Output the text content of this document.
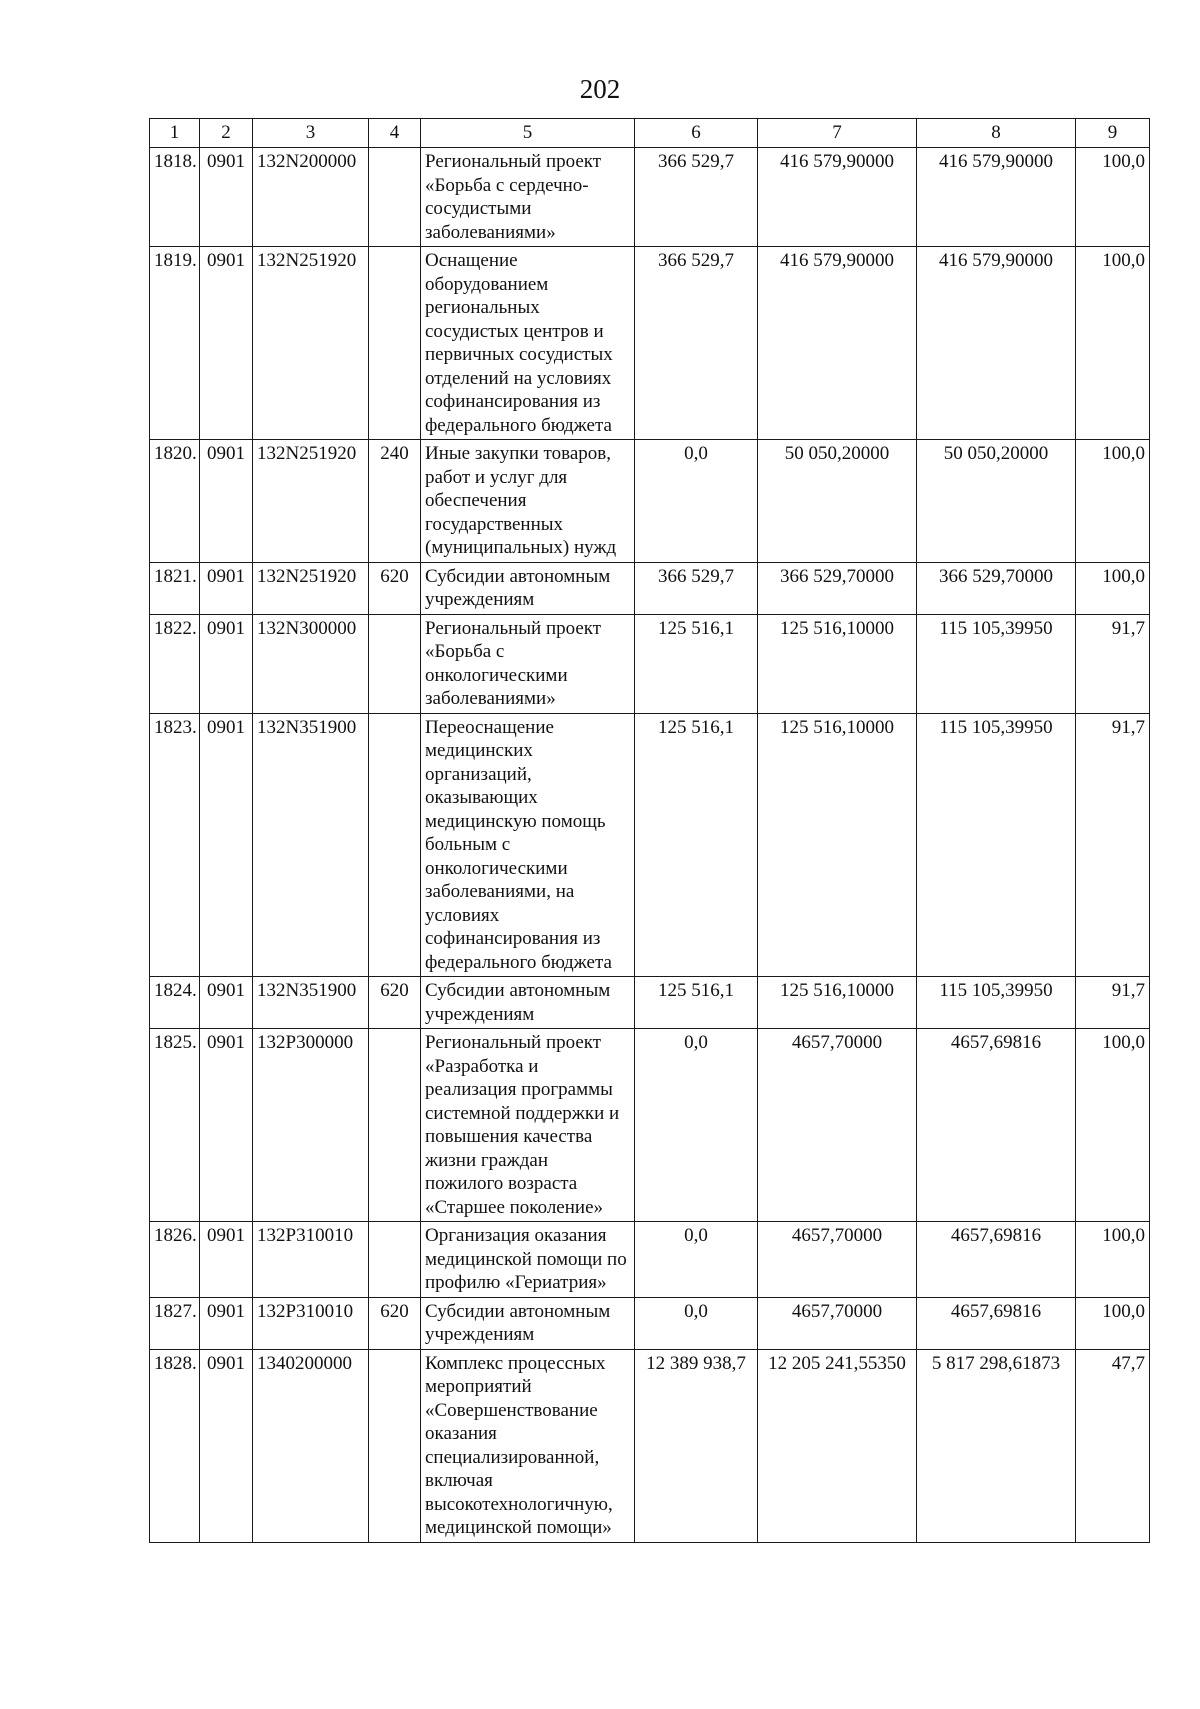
202
1	2	3	4	5	6	7	8	9
1818.	0901	132N200000		Региональный проект «Борьба с сердечно-сосудистыми заболеваниями»	366 529,7	416 579,90000	416 579,90000	100,0
1819.	0901	132N251920		Оснащение оборудованием региональных сосудистых центров и первичных сосудистых отделений на условиях софинансирования из федерального бюджета	366 529,7	416 579,90000	416 579,90000	100,0
1820.	0901	132N251920	240	Иные закупки товаров, работ и услуг для обеспечения государственных (муниципальных) нужд	0,0	50 050,20000	50 050,20000	100,0
1821.	0901	132N251920	620	Субсидии автономным учреждениям	366 529,7	366 529,70000	366 529,70000	100,0
1822.	0901	132N300000		Региональный проект «Борьба с онкологическими заболеваниями»	125 516,1	125 516,10000	115 105,39950	91,7
1823.	0901	132N351900		Переоснащение медицинских организаций, оказывающих медицинскую помощь больным с онкологическими заболеваниями, на условиях софинансирования из федерального бюджета	125 516,1	125 516,10000	115 105,39950	91,7
1824.	0901	132N351900	620	Субсидии автономным учреждениям	125 516,1	125 516,10000	115 105,39950	91,7
1825.	0901	132P300000		Региональный проект «Разработка и реализация программы системной поддержки и повышения качества жизни граждан пожилого возраста «Старшее поколение»	0,0	4657,70000	4657,69816	100,0
1826.	0901	132P310010		Организация оказания медицинской помощи по профилю «Гериатрия»	0,0	4657,70000	4657,69816	100,0
1827.	0901	132P310010	620	Субсидии автономным учреждениям	0,0	4657,70000	4657,69816	100,0
1828.	0901	1340200000		Комплекс процессных мероприятий «Совершенствование оказания специализированной, включая высокотехнологичную, медицинской помощи»	12 389 938,7	12 205 241,55350	5 817 298,61873	47,7
